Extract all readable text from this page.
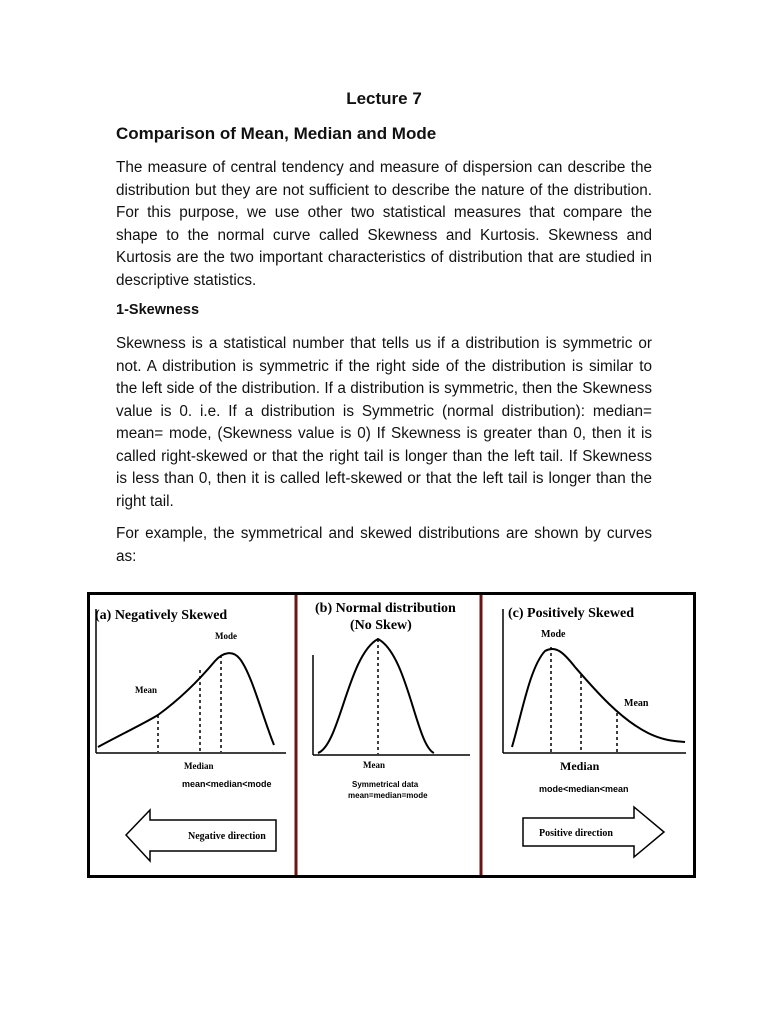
Lecture 7
Comparison of Mean, Median and Mode

The measure of central tendency and measure of dispersion can describe the distribution but they are not sufficient to describe the nature of the distribution. For this purpose, we use other two statistical measures that compare the shape to the normal curve called Skewness and Kurtosis. Skewness and Kurtosis are the two important characteristics of distribution that are studied in descriptive statistics.

1-Skewness

Skewness is a statistical number that tells us if a distribution is symmetric or not. A distribution is symmetric if the right side of the distribution is similar to the left side of the distribution. If a distribution is symmetric, then the Skewness value is 0. i.e. If a distribution is Symmetric (normal distribution): median= mean= mode, (Skewness value is 0) If Skewness is greater than 0, then it is called right-skewed or that the right tail is longer than the left tail. If Skewness is less than 0, then it is called left-skewed or that the left tail is longer than the right tail.

For example, the symmetrical and skewed distributions are shown by curves as:

(a) Negatively Skewed
Mode
Mean
Median
mean<median<mode
Negative direction
(b) Normal distribution
(No Skew)
Mean
Symmetrical data
mean=median=mode
(c) Positively Skewed
Mode
Mean
Median
mode<median<mean
Positive direction
